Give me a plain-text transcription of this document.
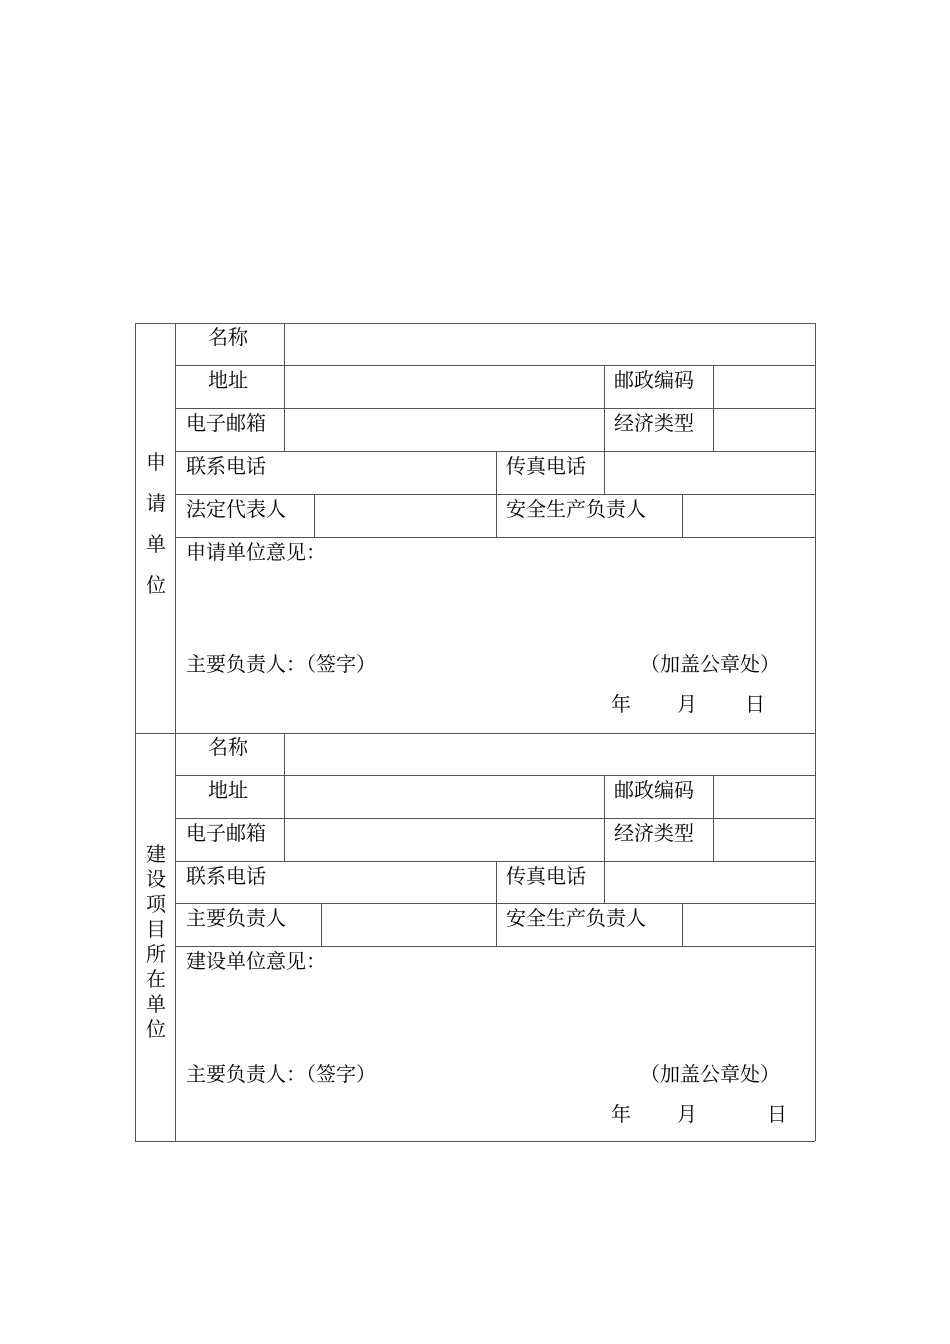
申
请
单
位
名称
地址	邮政编码
电子邮箱	经济类型
联系电话	传真电话
法定代表人	安全生产负责人
申请单位意见：
主要负责人：（签字）	（加盖公章处）
年 月 日
建
设
项
目
所
在
单
位
名称
地址	邮政编码
电子邮箱	经济类型
联系电话	传真电话
主要负责人	安全生产负责人
建设单位意见：
主要负责人：（签字）	（加盖公章处）
年 月	日
